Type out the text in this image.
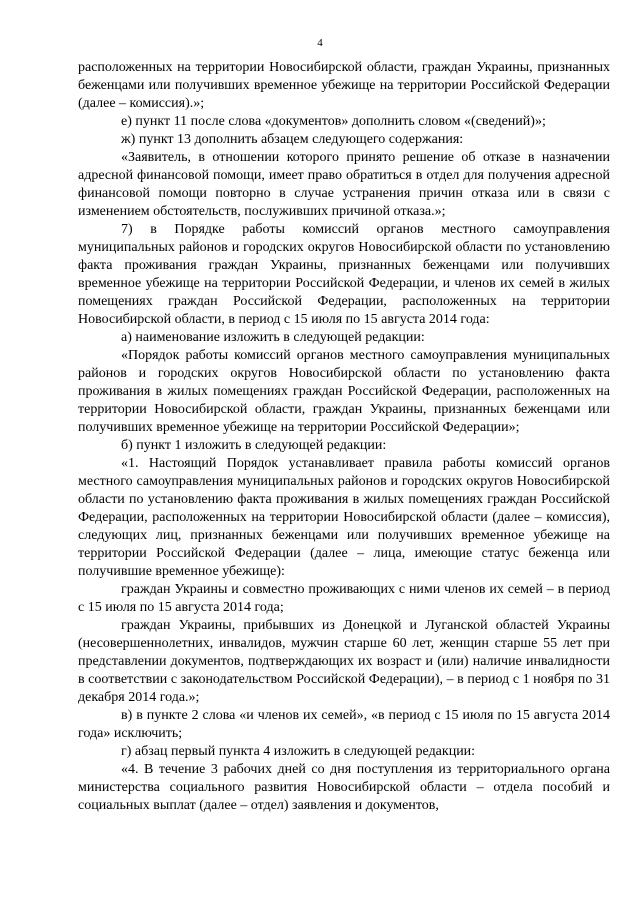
4

расположенных на территории Новосибирской области, граждан Украины, признанных беженцами или получивших временное убежище на территории Российской Федерации (далее – комиссия).»;

е) пункт 11 после слова «документов» дополнить словом «(сведений)»;

ж) пункт 13 дополнить абзацем следующего содержания:

«Заявитель, в отношении которого принято решение об отказе в назначении адресной финансовой помощи, имеет право обратиться в отдел для получения адресной финансовой помощи повторно в случае устранения причин отказа или в связи с изменением обстоятельств, послуживших причиной отказа.»;

7) в Порядке работы комиссий органов местного самоуправления муниципальных районов и городских округов Новосибирской области по установлению факта проживания граждан Украины, признанных беженцами или получивших временное убежище на территории Российской Федерации, и членов их семей в жилых помещениях граждан Российской Федерации, расположенных на территории Новосибирской области, в период с 15 июля по 15 августа 2014 года:

а) наименование изложить в следующей редакции:

«Порядок работы комиссий органов местного самоуправления муниципальных районов и городских округов Новосибирской области по установлению факта проживания в жилых помещениях граждан Российской Федерации, расположенных на территории Новосибирской области, граждан Украины, признанных беженцами или получивших временное убежище на территории Российской Федерации»;

б) пункт 1 изложить в следующей редакции:

«1. Настоящий Порядок устанавливает правила работы комиссий органов местного самоуправления муниципальных районов и городских округов Новосибирской области по установлению факта проживания в жилых помещениях граждан Российской Федерации, расположенных на территории Новосибирской области (далее – комиссия), следующих лиц, признанных беженцами или получивших временное убежище на территории Российской Федерации (далее – лица, имеющие статус беженца или получившие временное убежище):

граждан Украины и совместно проживающих с ними членов их семей – в период с 15 июля по 15 августа 2014 года;

граждан Украины, прибывших из Донецкой и Луганской областей Украины (несовершеннолетних, инвалидов, мужчин старше 60 лет, женщин старше 55 лет при представлении документов, подтверждающих их возраст и (или) наличие инвалидности в соответствии с законодательством Российской Федерации), – в период с 1 ноября по 31 декабря 2014 года.»;

в) в пункте 2 слова «и членов их семей», «в период с 15 июля по 15 августа 2014 года» исключить;

г) абзац первый пункта 4 изложить в следующей редакции:

«4. В течение 3 рабочих дней со дня поступления из территориального органа министерства социального развития Новосибирской области – отдела пособий и социальных выплат (далее – отдел) заявления и документов,
